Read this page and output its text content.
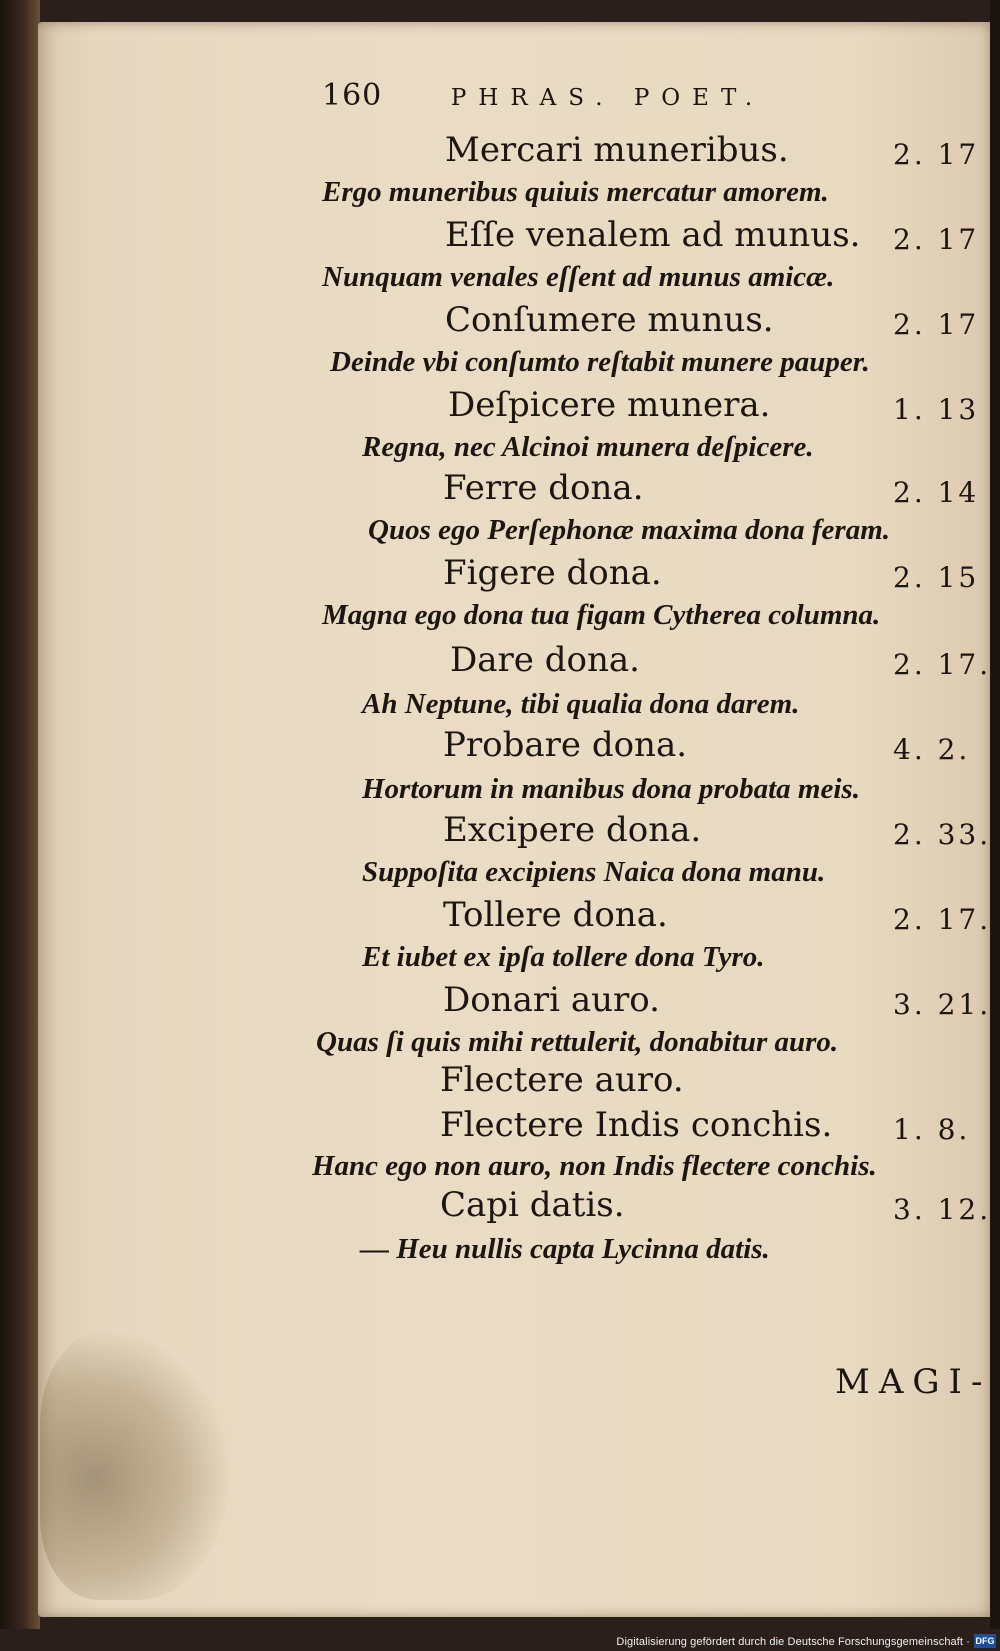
160	PHRAS. POET.
Mercari muneribus.	2. 17
Ergo muneribus quiuis mercatur amorem.
Eſſe venalem ad munus. 2. 17
Nunquam venales eſſent ad munus amicæ.
Conſumere munus.	2. 17
Deinde vbi conſumto reſtabit munere pauper.
Deſpicere munera.	1. 13
Regna, nec Alcinoi munera deſpicere.
Ferre dona.	2. 14
Quos ego Perſephonæ maxima dona feram.
Figere dona.	2. 15
Magna ego dona tua figam Cytherea columna.
Dare dona.	2. 17.
Ah Neptune, tibi qualia dona darem.
Probare dona.	4. 2.
Hortorum in manibus dona probata meis.
Excipere dona.	2. 33.
Suppoſita excipiens Naica dona manu.
Tollere dona.	2. 17.
Et iubet ex ipſa tollere dona Tyro.
Donari auro.	3. 21.
Quas ſi quis mihi rettulerit, donabitur auro.
Flectere auro.
Flectere Indis conchis. 1. 8.
Hanc ego non auro, non Indis flectere conchis.
Capi datis.	3. 12.
— Heu nullis capta Lycinna datis.
MAGI-
Digitalisierung gefördert durch die Deutsche Forschungsgemeinschaft · DFG
